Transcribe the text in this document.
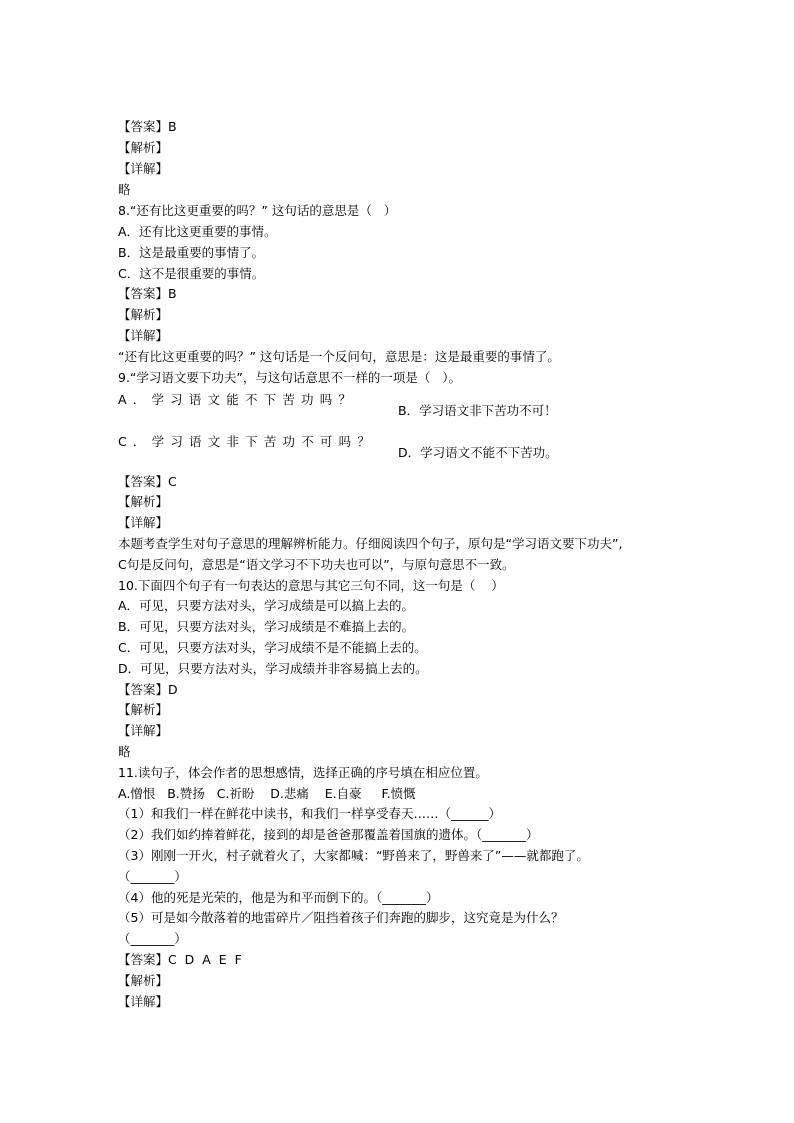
【答案】B
【解析】
【详解】
略
8.“还有比这更重要的吗？” 这句话的意思是（   ）
A．还有比这更重要的事情。
B．这是最重要的事情了。
C．这不是很重要的事情。
【答案】B
【解析】
【详解】
“还有比这更重要的吗？” 这句话是一个反问句，意思是：这是最重要的事情了。
9.“学习语文要下功夫”，与这句话意思不一样的一项是（   ）。
A．学习语文能不下苦功吗？
B．学习语文非下苦功不可！
C．学习语文非下苦功不可吗？
D．学习语文不能不下苦功。
【答案】C
【解析】
【详解】
本题考查学生对句子意思的理解辨析能力。仔细阅读四个句子，原句是“学习语文要下功夫”,
C句是反问句，意思是“语文学习不下功夫也可以”，与原句意思不一致。
10.下面四个句子有一句表达的意思与其它三句不同，这一句是（    ）
A．可见，只要方法对头，学习成绩是可以搞上去的。
B．可见，只要方法对头，学习成绩是不难搞上去的。
C．可见，只要方法对头，学习成绩不是不能搞上去的。
D．可见，只要方法对头，学习成绩并非容易搞上去的。
【答案】D
【解析】
【详解】
略
11.读句子，体会作者的思想感情，选择正确的序号填在相应位置。
A.憎恨   B.赞扬   C.祈盼    D.悲痛    E.自豪     F.愤慨
（1）和我们一样在鲜花中读书，和我们一样享受春天……（______）
（2）我们如约捧着鲜花，接到的却是爸爸那覆盖着国旗的遗体。（_______）
（3）刚刚一开火，村子就着火了，大家都喊：“野兽来了，野兽来了”——就都跑了。
（_______）
（4）他的死是光荣的，他是为和平而倒下的。（_______）
（5）可是如今散落着的地雷碎片／阻挡着孩子们奔跑的脚步，这究竟是为什么？
（_______）
【答案】C  D  A  E  F
【解析】
【详解】
